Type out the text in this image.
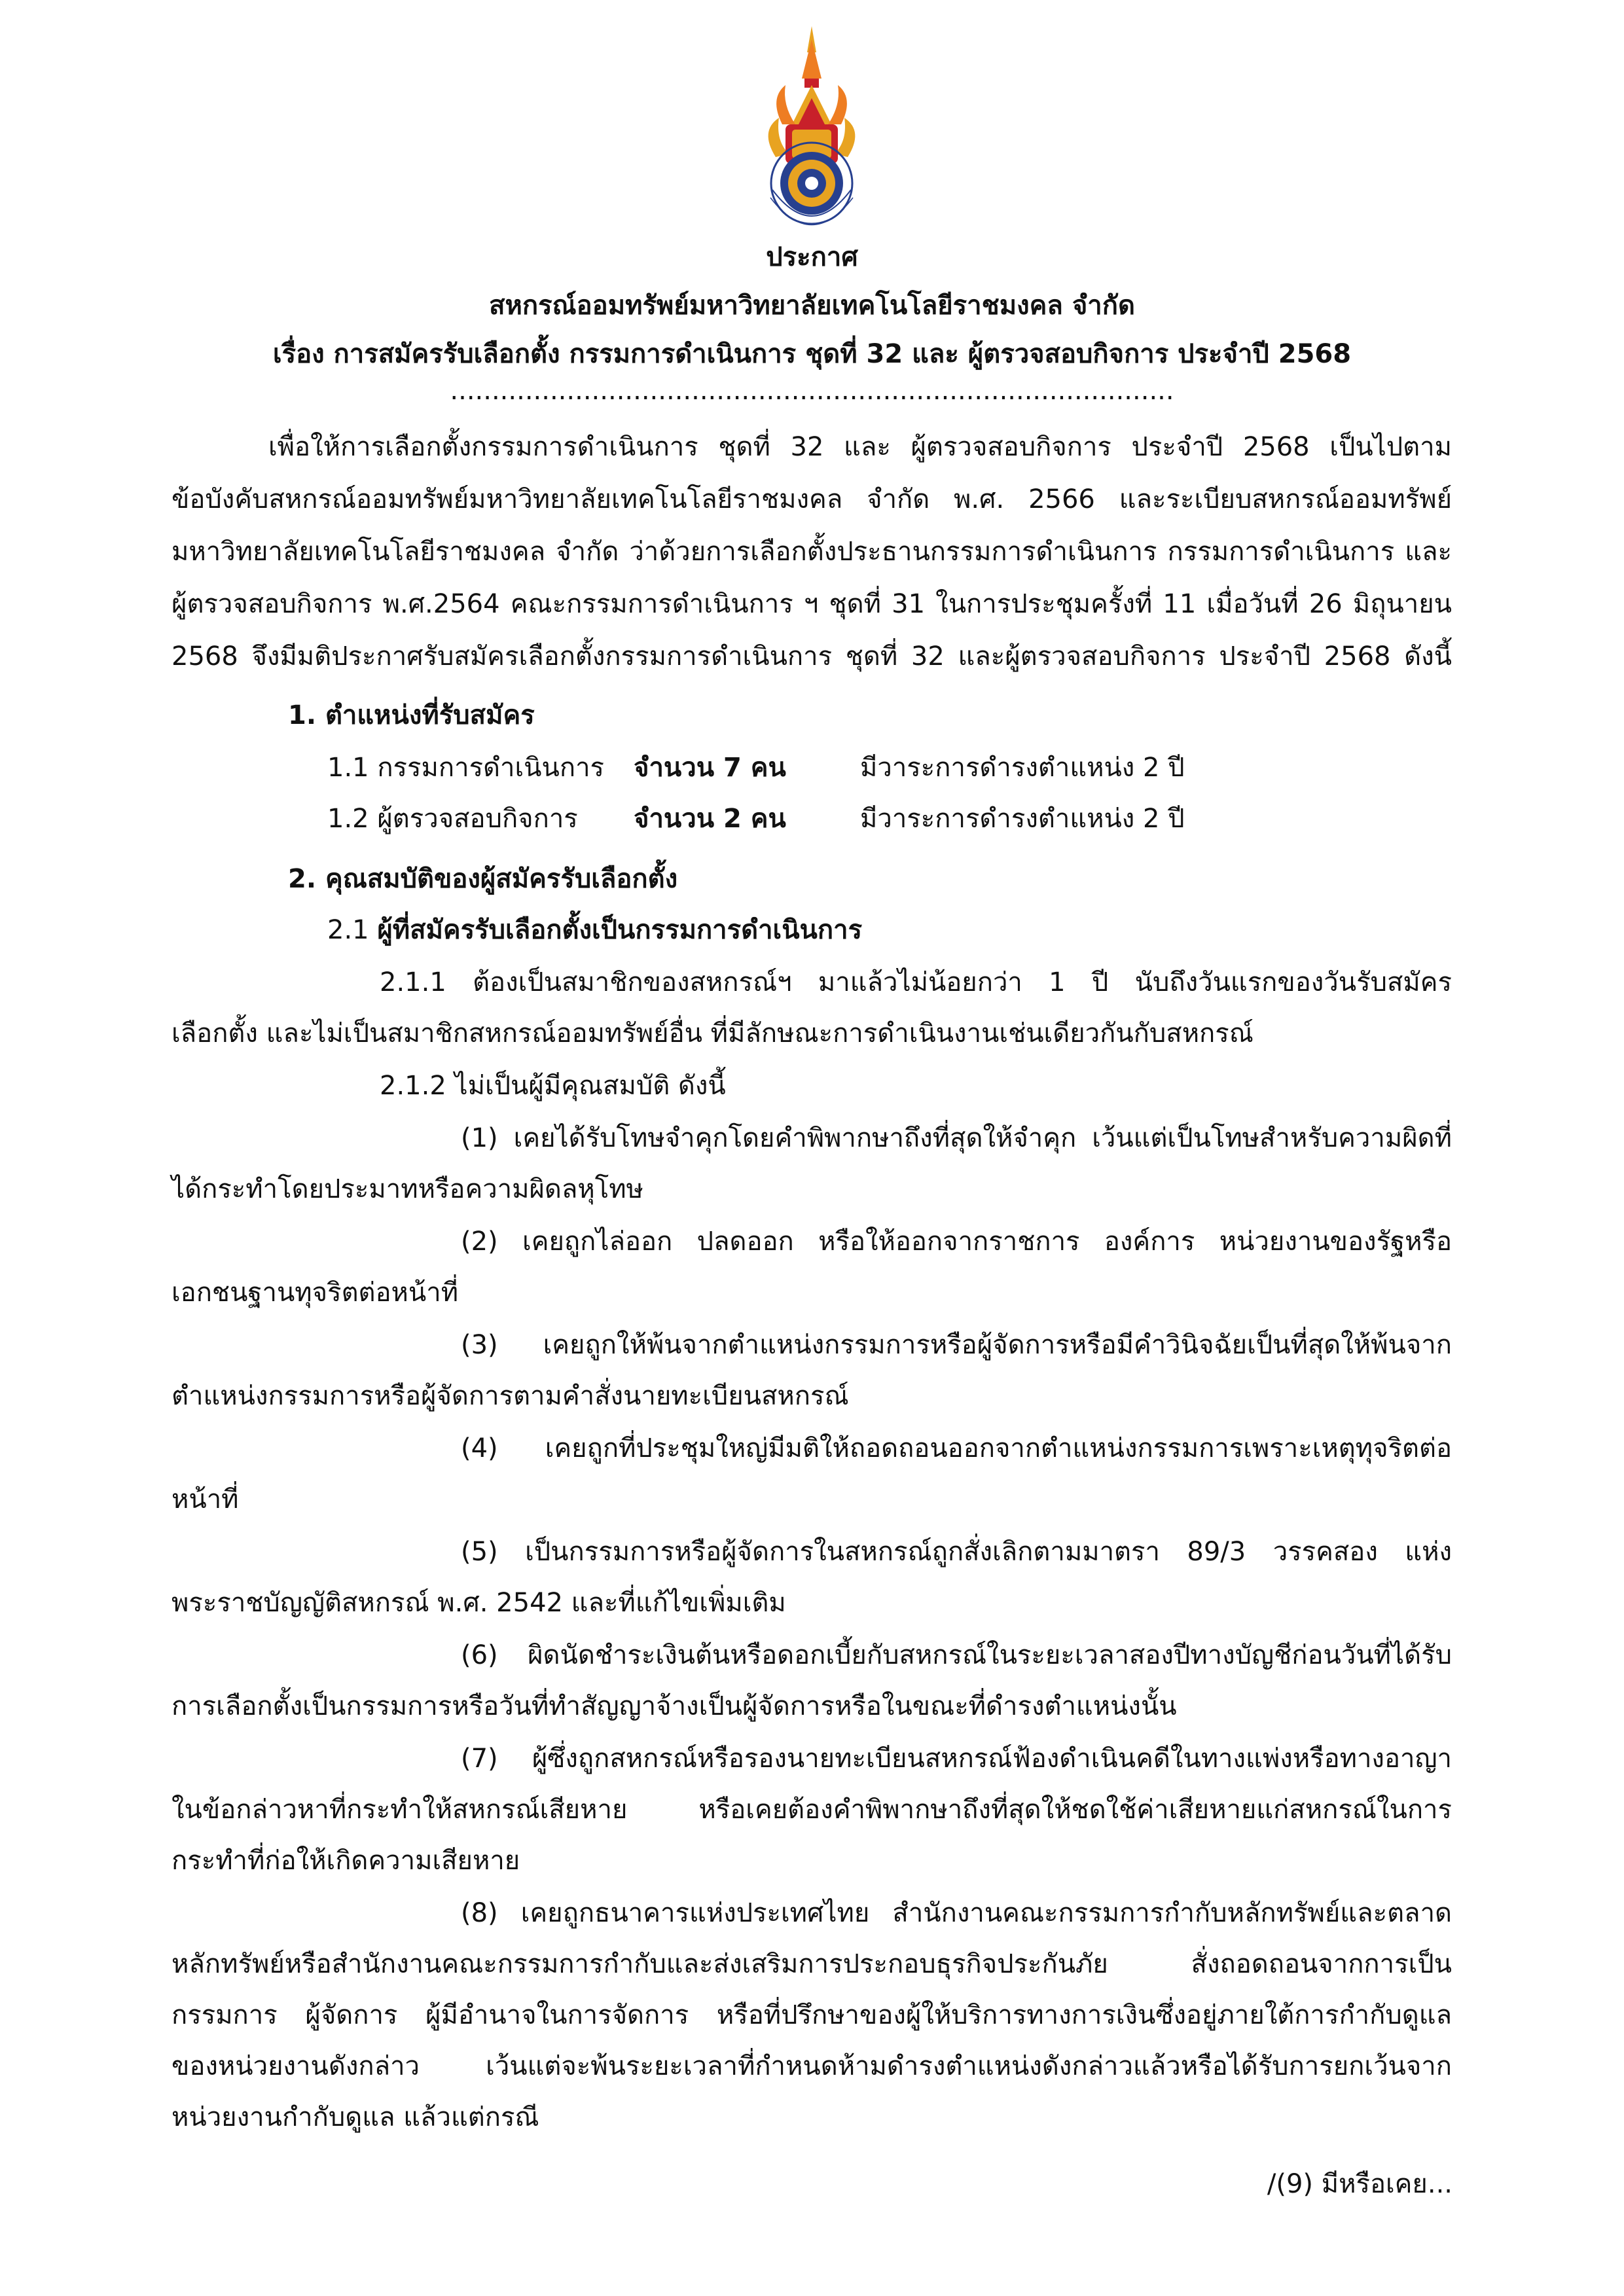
ประกาศ
สหกรณ์ออมทรัพย์มหาวิทยาลัยเทคโนโลยีราชมงคล จำกัด
เรื่อง การสมัครรับเลือกตั้ง กรรมการดำเนินการ ชุดที่ 32 และ ผู้ตรวจสอบกิจการ ประจำปี 2568
.......................................................................................
เพื่อให้การเลือกตั้งกรรมการดำเนินการ ชุดที่ 32 และ ผู้ตรวจสอบกิจการ ประจำปี 2568 เป็นไปตาม
ข้อบังคับสหกรณ์ออมทรัพย์มหาวิทยาลัยเทคโนโลยีราชมงคล จำกัด พ.ศ. 2566 และระเบียบสหกรณ์ออมทรัพย์
มหาวิทยาลัยเทคโนโลยีราชมงคล จำกัด ว่าด้วยการเลือกตั้งประธานกรรมการดำเนินการ กรรมการดำเนินการ และ
ผู้ตรวจสอบกิจการ พ.ศ.2564 คณะกรรมการดำเนินการ ฯ ชุดที่ 31 ในการประชุมครั้งที่ 11 เมื่อวันที่ 26 มิถุนายน
2568 จึงมีมติประกาศรับสมัครเลือกตั้งกรรมการดำเนินการ ชุดที่ 32 และผู้ตรวจสอบกิจการ ประจำปี 2568 ดังนี้
1. ตำแหน่งที่รับสมัคร
1.1 กรรมการดำเนินการ จำนวน 7 คน	มีวาระการดำรงตำแหน่ง 2 ปี
1.2 ผู้ตรวจสอบกิจการ จำนวน 2 คน	มีวาระการดำรงตำแหน่ง 2 ปี
2. คุณสมบัติของผู้สมัครรับเลือกตั้ง
2.1 ผู้ที่สมัครรับเลือกตั้งเป็นกรรมการดำเนินการ
2.1.1 ต้องเป็นสมาชิกของสหกรณ์ฯ มาแล้วไม่น้อยกว่า 1 ปี นับถึงวันแรกของวันรับสมัคร
เลือกตั้ง และไม่เป็นสมาชิกสหกรณ์ออมทรัพย์อื่น ที่มีลักษณะการดำเนินงานเช่นเดียวกันกับสหกรณ์
2.1.2 ไม่เป็นผู้มีคุณสมบัติ ดังนี้
(1) เคยได้รับโทษจำคุกโดยคำพิพากษาถึงที่สุดให้จำคุก เว้นแต่เป็นโทษสำหรับความผิดที่
ได้กระทำโดยประมาทหรือความผิดลหุโทษ
(2) เคยถูกไล่ออก ปลดออก หรือให้ออกจากราชการ องค์การ หน่วยงานของรัฐหรือ
เอกชนฐานทุจริตต่อหน้าที่
(3) เคยถูกให้พ้นจากตำแหน่งกรรมการหรือผู้จัดการหรือมีคำวินิจฉัยเป็นที่สุดให้พ้นจาก
ตำแหน่งกรรมการหรือผู้จัดการตามคำสั่งนายทะเบียนสหกรณ์
(4) เคยถูกที่ประชุมใหญ่มีมติให้ถอดถอนออกจากตำแหน่งกรรมการเพราะเหตุทุจริตต่อ
หน้าที่
(5) เป็นกรรมการหรือผู้จัดการในสหกรณ์ถูกสั่งเลิกตามมาตรา 89/3 วรรคสอง แห่ง
พระราชบัญญัติสหกรณ์ พ.ศ. 2542 และที่แก้ไขเพิ่มเติม
(6) ผิดนัดชำระเงินต้นหรือดอกเบี้ยกับสหกรณ์ในระยะเวลาสองปีทางบัญชีก่อนวันที่ได้รับ
การเลือกตั้งเป็นกรรมการหรือวันที่ทำสัญญาจ้างเป็นผู้จัดการหรือในขณะที่ดำรงตำแหน่งนั้น
(7) ผู้ซึ่งถูกสหกรณ์หรือรองนายทะเบียนสหกรณ์ฟ้องดำเนินคดีในทางแพ่งหรือทางอาญา
ในข้อกล่าวหาที่กระทำให้สหกรณ์เสียหาย หรือเคยต้องคำพิพากษาถึงที่สุดให้ชดใช้ค่าเสียหายแก่สหกรณ์ในการ
กระทำที่ก่อให้เกิดความเสียหาย
(8) เคยถูกธนาคารแห่งประเทศไทย สำนักงานคณะกรรมการกำกับหลักทรัพย์และตลาด
หลักทรัพย์หรือสำนักงานคณะกรรมการกำกับและส่งเสริมการประกอบธุรกิจประกันภัย สั่งถอดถอนจากการเป็น
กรรมการ ผู้จัดการ ผู้มีอำนาจในการจัดการ หรือที่ปรึกษาของผู้ให้บริการทางการเงินซึ่งอยู่ภายใต้การกำกับดูแล
ของหน่วยงานดังกล่าว เว้นแต่จะพ้นระยะเวลาที่กำหนดห้ามดำรงตำแหน่งดังกล่าวแล้วหรือได้รับการยกเว้นจาก
หน่วยงานกำกับดูแล แล้วแต่กรณี
/(9) มีหรือเคย...
